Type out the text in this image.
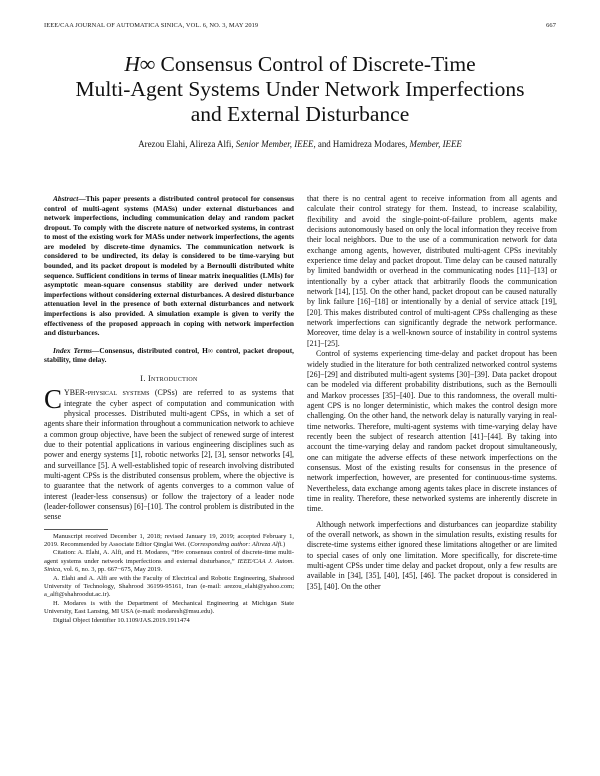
IEEE/CAA JOURNAL OF AUTOMATICA SINICA, VOL. 6, NO. 3, MAY 2019	667
H∞ Consensus Control of Discrete-Time
Multi-Agent Systems Under Network Imperfections
and External Disturbance
Arezou Elahi, Alireza Alfi, Senior Member, IEEE, and Hamidreza Modares, Member, IEEE

Abstract—This paper presents a distributed control protocol for consensus control of multi-agent systems (MASs) under external disturbances and network imperfections, including communication delay and random packet dropout. To comply with the discrete nature of networked systems, in contrast to most of the existing work for MASs under network imperfections, the agents are modeled by discrete-time dynamics. The communication network is considered to be undirected, its delay is considered to be time-varying but bounded, and its packet dropout is modeled by a Bernoulli distributed white sequence. Sufficient conditions in terms of linear matrix inequalities (LMIs) for asymptotic mean-square consensus stability are derived under network imperfections without considering external disturbances. A desired disturbance attenuation level in the presence of both external disturbances and network imperfections is also provided. A simulation example is given to verify the effectiveness of the proposed approach in coping with network imperfection and disturbances.

Index Terms—Consensus, distributed control, H∞ control, packet dropout, stability, time delay.

I. Introduction

CYBER-physical systems (CPSs) are referred to as systems that integrate the cyber aspect of computation and communication with physical processes. Distributed multi-agent CPSs, in which a set of agents share their information throughout a communication network to achieve a common group objective, have been the subject of renewed surge of interest due to their potential applications in various engineering disciplines such as power and energy systems [1], robotic networks [2], [3], sensor networks [4], and surveillance [5]. A well-established topic of research involving distributed multi-agent CPSs is the distributed consensus problem, where the objective is to guarantee that the network of agents converges to a common value of interest (leader-less consensus) or follow the trajectory of a leader node (leader-follower consensus) [6]−[10]. The control problem is distributed in the sense

Manuscript received December 1, 2018; revised January 19, 2019; accepted February 1, 2019. Recommended by Associate Editor Qinglai Wei. (Corresponding author: Alireza Alfi.)

Citation: A. Elahi, A. Alfi, and H. Modares, “H∞ consensus control of discrete-time multi-agent systems under network imperfections and external disturbance,” IEEE/CAA J. Autom. Sinica, vol. 6, no. 3, pp. 667−675, May 2019.

A. Elahi and A. Alfi are with the Faculty of Electrical and Robotic Engineering, Shahrood University of Technology, Shahrood 36199-95161, Iran (e-mail: arezou_elahi@yahoo.com; a_alfi@shahroodut.ac.ir).

H. Modares is with the Department of Mechanical Engineering at Michigan State University, East Lansing, MI USA (e-mail: modaresh@msu.edu).

Digital Object Identifier 10.1109/JAS.2019.1911474

that there is no central agent to receive information from all agents and calculate their control strategy for them. Instead, to increase scalability, flexibility and avoid the single-point-of-failure problem, agents make decisions autonomously based on only the local information they receive from their local neighbors. Due to the use of a communication network for data exchange among agents, however, distributed multi-agent CPSs inevitably experience time delay and packet dropout. Time delay can be caused naturally by limited bandwidth or overhead in the communicating nodes [11]−[13] or intentionally by a cyber attack that arbitrarily floods the communication network [14], [15]. On the other hand, packet dropout can be caused naturally by link failure [16]−[18] or intentionally by a denial of service attack [19], [20]. This makes distributed control of multi-agent CPSs challenging as these network imperfections can significantly degrade the network performance. Moreover, time delay is a well-known source of instability in control systems [21]−[25].

Control of systems experiencing time-delay and packet dropout has been widely studied in the literature for both centralized networked control systems [26]−[29] and distributed multi-agent systems [30]−[39]. Data packet dropout can be modeled via different probability distributions, such as the Bernoulli and Markov processes [35]−[40]. Due to this randomness, the overall multi-agent CPS is no longer deterministic, which makes the control design more challenging. On the other hand, the network delay is naturally varying in real-time networks. Therefore, multi-agent systems with time-varying delay have recently been the subject of research attention [41]−[44]. By taking into account the time-varying delay and random packet dropout simultaneously, one can mitigate the adverse effects of these network imperfections on the consensus. Most of the existing results for consensus in the presence of network imperfection, however, are presented for continuous-time systems. Nevertheless, data exchange among agents takes place in discrete instances of time in reality. Therefore, these networked systems are inherently discrete in time.

Although network imperfections and disturbances can jeopardize stability of the overall network, as shown in the simulation results, existing results for discrete-time systems either ignored these limitations altogether or are limited to special cases of only one limitation. More specifically, for discrete-time multi-agent CPSs under time delay and packet dropout, only a few results are available in [34], [35], [40], [45], [46]. The packet dropout is considered in [35], [40]. On the other
